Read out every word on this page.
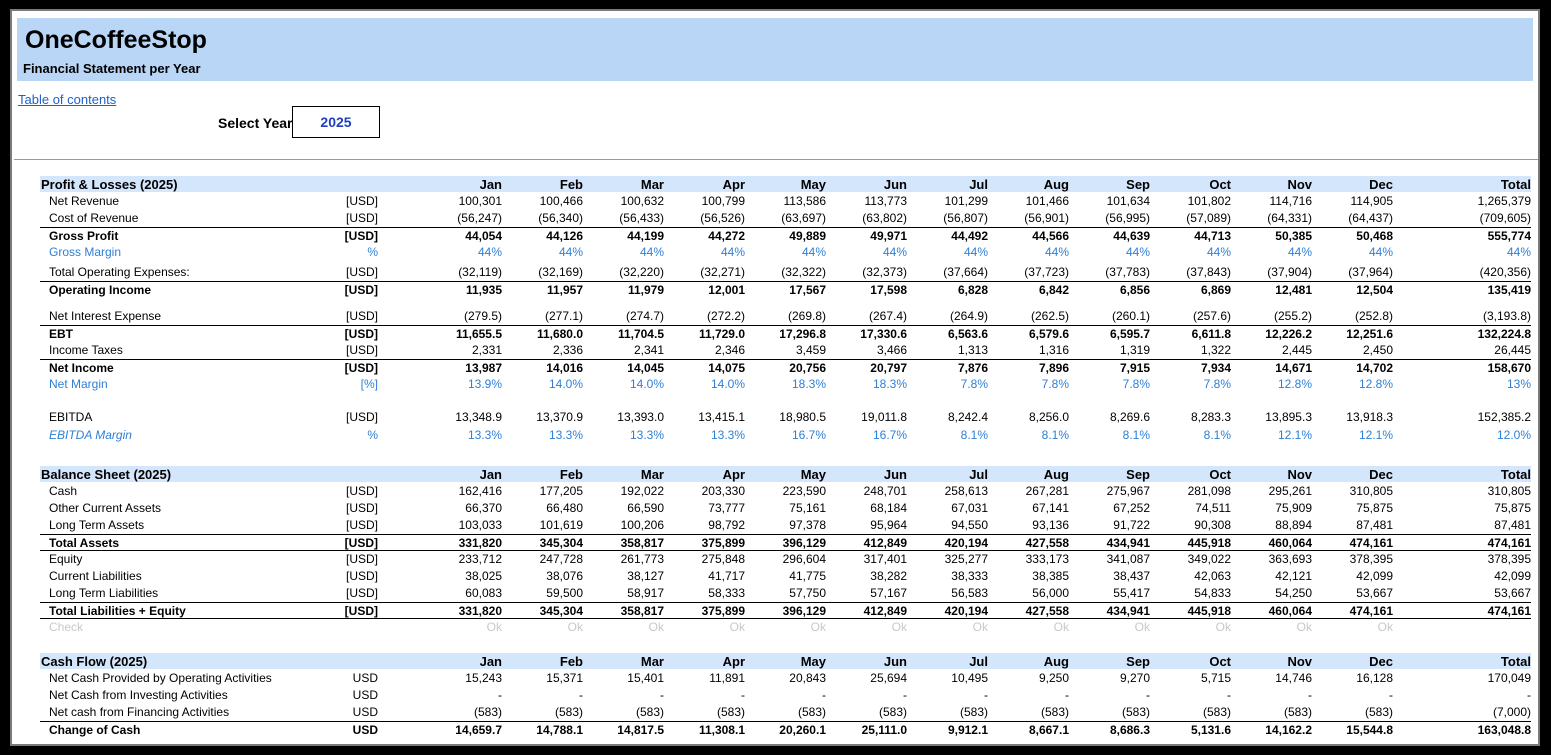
OneCoffeeStop
Financial Statement per Year
Table of contents
Select Year	2025
Profit & Losses (2025)	Jan	Feb	Mar	Apr	May	Jun	Jul	Aug	Sep	Oct	Nov	Dec	Total
Net Revenue	[USD]	100,301	100,466	100,632	100,799	113,586	113,773	101,299	101,466	101,634	101,802	114,716	114,905	1,265,379
Cost of Revenue	[USD]	(56,247)	(56,340)	(56,433)	(56,526)	(63,697)	(63,802)	(56,807)	(56,901)	(56,995)	(57,089)	(64,331)	(64,437)	(709,605)
Gross Profit	[USD]	44,054	44,126	44,199	44,272	49,889	49,971	44,492	44,566	44,639	44,713	50,385	50,468	555,774
Gross Margin	%	44%	44%	44%	44%	44%	44%	44%	44%	44%	44%	44%	44%	44%
Total Operating Expenses:	[USD]	(32,119)	(32,169)	(32,220)	(32,271)	(32,322)	(32,373)	(37,664)	(37,723)	(37,783)	(37,843)	(37,904)	(37,964)	(420,356)
Operating Income	[USD]	11,935	11,957	11,979	12,001	17,567	17,598	6,828	6,842	6,856	6,869	12,481	12,504	135,419
Net Interest Expense	[USD]	(279.5)	(277.1)	(274.7)	(272.2)	(269.8)	(267.4)	(264.9)	(262.5)	(260.1)	(257.6)	(255.2)	(252.8)	(3,193.8)
EBT	[USD]	11,655.5	11,680.0	11,704.5	11,729.0	17,296.8	17,330.6	6,563.6	6,579.6	6,595.7	6,611.8	12,226.2	12,251.6	132,224.8
Income Taxes	[USD]	2,331	2,336	2,341	2,346	3,459	3,466	1,313	1,316	1,319	1,322	2,445	2,450	26,445
Net Income	[USD]	13,987	14,016	14,045	14,075	20,756	20,797	7,876	7,896	7,915	7,934	14,671	14,702	158,670
Net Margin	[%]	13.9%	14.0%	14.0%	14.0%	18.3%	18.3%	7.8%	7.8%	7.8%	7.8%	12.8%	12.8%	13%
EBITDA	[USD]	13,348.9	13,370.9	13,393.0	13,415.1	18,980.5	19,011.8	8,242.4	8,256.0	8,269.6	8,283.3	13,895.3	13,918.3	152,385.2
EBITDA Margin	%	13.3%	13.3%	13.3%	13.3%	16.7%	16.7%	8.1%	8.1%	8.1%	8.1%	12.1%	12.1%	12.0%
Balance Sheet (2025)	Jan	Feb	Mar	Apr	May	Jun	Jul	Aug	Sep	Oct	Nov	Dec	Total
Cash	[USD]	162,416	177,205	192,022	203,330	223,590	248,701	258,613	267,281	275,967	281,098	295,261	310,805	310,805
Other Current Assets	[USD]	66,370	66,480	66,590	73,777	75,161	68,184	67,031	67,141	67,252	74,511	75,909	75,875	75,875
Long Term Assets	[USD]	103,033	101,619	100,206	98,792	97,378	95,964	94,550	93,136	91,722	90,308	88,894	87,481	87,481
Total Assets	[USD]	331,820	345,304	358,817	375,899	396,129	412,849	420,194	427,558	434,941	445,918	460,064	474,161	474,161
Equity	[USD]	233,712	247,728	261,773	275,848	296,604	317,401	325,277	333,173	341,087	349,022	363,693	378,395	378,395
Current Liabilities	[USD]	38,025	38,076	38,127	41,717	41,775	38,282	38,333	38,385	38,437	42,063	42,121	42,099	42,099
Long Term Liabilities	[USD]	60,083	59,500	58,917	58,333	57,750	57,167	56,583	56,000	55,417	54,833	54,250	53,667	53,667
Total Liabilities + Equity	[USD]	331,820	345,304	358,817	375,899	396,129	412,849	420,194	427,558	434,941	445,918	460,064	474,161	474,161
Check	Ok	Ok	Ok	Ok	Ok	Ok	Ok	Ok	Ok	Ok	Ok	Ok
Cash Flow (2025)	Jan	Feb	Mar	Apr	May	Jun	Jul	Aug	Sep	Oct	Nov	Dec	Total
Net Cash Provided by Operating Activities	USD	15,243	15,371	15,401	11,891	20,843	25,694	10,495	9,250	9,270	5,715	14,746	16,128	170,049
Net Cash from Investing Activities	USD	-	-	-	-	-	-	-	-	-	-	-	-	-
Net cash from Financing Activities	USD	(583)	(583)	(583)	(583)	(583)	(583)	(583)	(583)	(583)	(583)	(583)	(583)	(7,000)
Change of Cash	USD	14,659.7	14,788.1	14,817.5	11,308.1	20,260.1	25,111.0	9,912.1	8,667.1	8,686.3	5,131.6	14,162.2	15,544.8	163,048.8
